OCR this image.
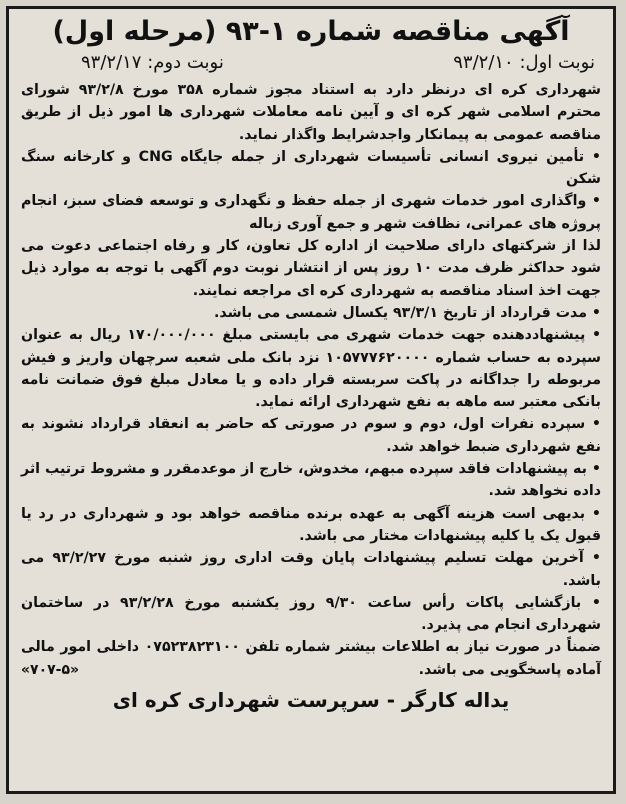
آگهی مناقصه شماره ۱-۹۳ (مرحله اول)
نوبت اول: ۹۳/۲/۱۰
نوبت دوم: ۹۳/۲/۱۷

شهرداری کره ای درنظر دارد به استناد مجوز شماره ۳۵۸ مورخ ۹۳/۲/۸ شورای محترم اسلامی شهر کره ای و آیین نامه معاملات شهرداری ها امور ذیل از طریق مناقصه عمومی به پیمانکار واجدشرایط واگذار نماید.

• تأمین نیروی انسانی تأسیسات شهرداری از جمله جایگاه CNG و کارخانه سنگ شکن

• واگذاری امور خدمات شهری از جمله حفظ و نگهداری و توسعه فضای سبز، انجام پروژه های عمرانی، نظافت شهر و جمع آوری زباله

لذا از شرکتهای دارای صلاحیت از اداره کل تعاون، کار و رفاه اجتماعی دعوت می شود حداکثر ظرف مدت ۱۰ روز پس از انتشار نوبت دوم آگهی با توجه به موارد ذیل جهت اخذ اسناد مناقصه به شهرداری کره ای مراجعه نمایند.

• مدت قرارداد از تاریخ ۹۳/۳/۱ یکسال شمسی می باشد.

• پیشنهاددهنده جهت خدمات شهری می بایستی مبلغ ۱۷۰/۰۰۰/۰۰۰ ریال به عنوان سپرده به حساب شماره ۱۰۵۷۷۷۶۲۰۰۰۰ نزد بانک ملی شعبه سرچهان واریز و فیش مربوطه را جداگانه در پاکت سربسته قرار داده و یا معادل مبلغ فوق ضمانت نامه بانکی معتبر سه ماهه به نفع شهرداری ارائه نماید.

• سپرده نفرات اول، دوم و سوم در صورتی که حاضر به انعقاد قرارداد نشوند به نفع شهرداری ضبط خواهد شد.

• به پیشنهادات فاقد سپرده مبهم، مخدوش، خارج از موعدمقرر و مشروط ترتیب اثر داده نخواهد شد.

• بدیهی است هزینه آگهی به عهده برنده مناقصه خواهد بود و شهرداری در رد یا قبول یک یا کلیه پیشنهادات مختار می باشد.

• آخرین مهلت تسلیم پیشنهادات پایان وقت اداری روز شنبه مورخ ۹۳/۲/۲۷ می باشد.

• بازگشایی پاکات رأس ساعت ۹/۳۰ روز یکشنبه مورخ ۹۳/۲/۲۸ در ساختمان شهرداری انجام می پذیرد.

ضمناً در صورت نیاز به اطلاعات بیشتر شماره تلفن ۰۷۵۲۳۸۲۳۱۰۰ داخلی امور مالی آماده پاسخگویی می باشد.

«۷۰۷-۵»
یداله کارگر - سرپرست شهرداری کره ای
